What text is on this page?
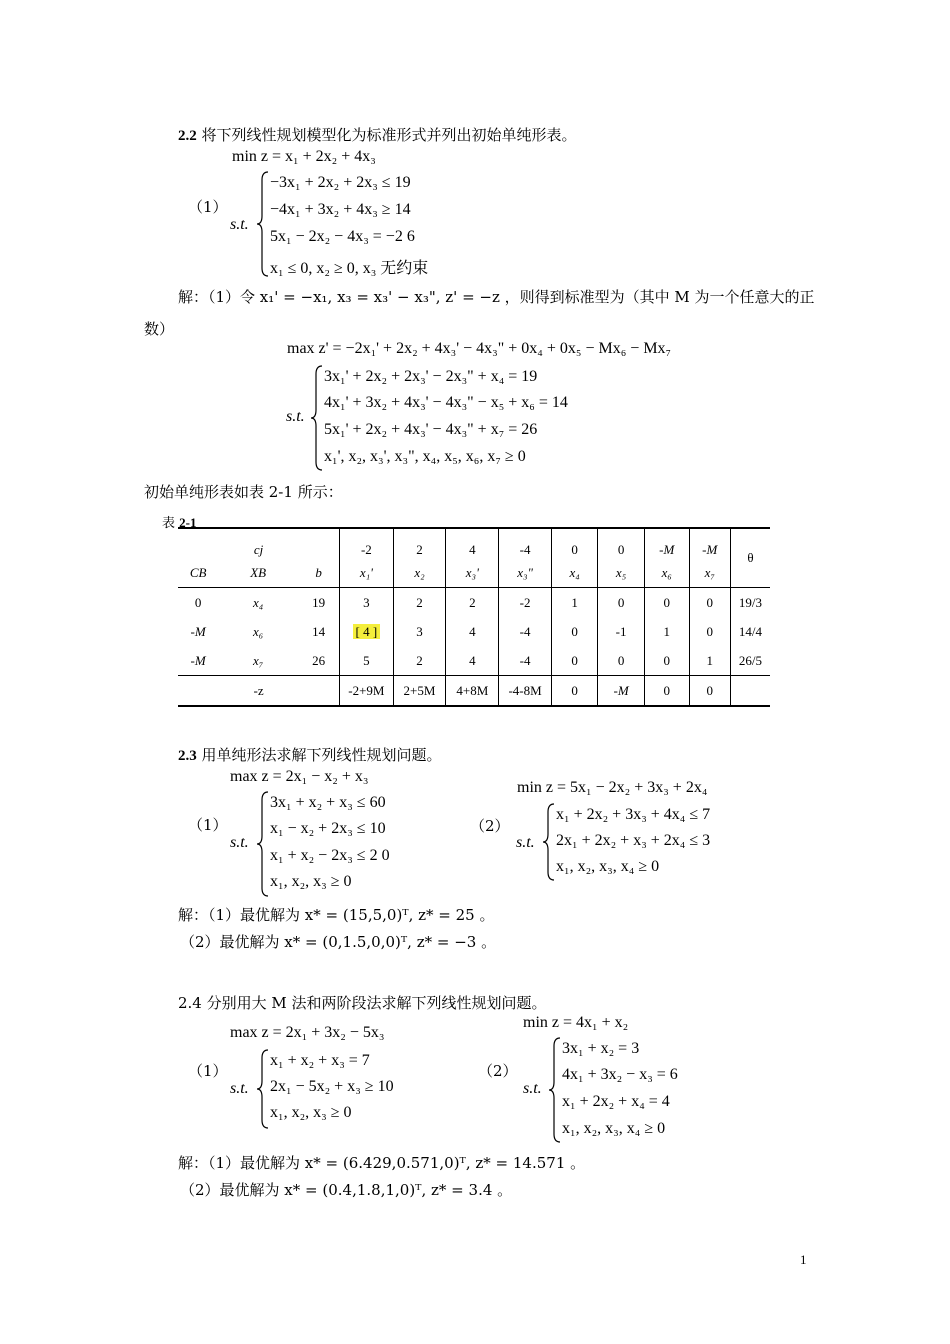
2.2 将下列线性规划模型化为标准形式并列出初始单纯形表。
min z = x₁ + 2x₂ + 4x₃
（1）
s.t.
−3x₁ + 2x₂ + 2x₃ ≤ 19
−4x₁ + 3x₂ + 4x₃ ≥ 14
5x₁ − 2x₂ − 4x₃ = −2 6
x₁ ≤ 0, x₂ ≥ 0, x₃ 无约束
解：（1）令 x₁' = −x₁, x₃ = x₃' − x₃", z' = −z ，则得到标准型为（其中 M 为一个任意大的正
数）
max z' = −2x₁' + 2x₂ + 4x₃' − 4x₃" + 0x₄ + 0x₅ − Mx₆ − Mx₇
s.t.
3x₁' + 2x₂ + 2x₃' − 2x₃" + x₄ = 19
4x₁' + 3x₂ + 4x₃' − 4x₃" − x₅ + x₆ = 14
5x₁' + 2x₂ + 4x₃' − 4x₃" + x₇ = 26
x₁', x₂, x₃', x₃", x₄, x₅, x₆, x₇ ≥ 0
初始单纯形表如表 2-1 所示：
表 2-1
cj			-2	2	4	-4	0	0	-M	-M	θ
CB	XB	b	x₁'	x₂	x₃'	x₃"	x₄	x₅	x₆	x₇	
0	x₄	19	3	2	2	-2	1	0	0	0	19/3
-M	x₆	14	[ 4 ]	3	4	-4	0	-1	1	0	14/4
-M	x₇	26	5	2	4	-4	0	0	0	1	26/5
-z			-2+9M	2+5M	4+8M	-4-8M	0	-M	0	0	
2.3 用单纯形法求解下列线性规划问题。
max z = 2x₁ − x₂ + x₃
（1）
s.t.
3x₁ + x₂ + x₃ ≤ 60
x₁ − x₂ + 2x₃ ≤ 10
x₁ + x₂ − 2x₃ ≤ 2 0
x₁, x₂, x₃ ≥ 0
min z = 5x₁ − 2x₂ + 3x₃ + 2x₄
（2）
s.t.
x₁ + 2x₂ + 3x₃ + 4x₄ ≤ 7
2x₁ + 2x₂ + x₃ + 2x₄ ≤ 3
x₁, x₂, x₃, x₄ ≥ 0
解：（1）最优解为 x* = (15,5,0)ᵀ, z* = 25 。
（2）最优解为 x* = (0,1.5,0,0)ᵀ, z* = −3 。
2.4 分别用大 M 法和两阶段法求解下列线性规划问题。
max z = 2x₁ + 3x₂ − 5x₃
（1）
s.t.
x₁ + x₂ + x₃ = 7
2x₁ − 5x₂ + x₃ ≥ 10
x₁, x₂, x₃ ≥ 0
min z = 4x₁ + x₂
（2）
s.t.
3x₁ + x₂ = 3
4x₁ + 3x₂ − x₃ = 6
x₁ + 2x₂ + x₄ = 4
x₁, x₂, x₃, x₄ ≥ 0
解：（1）最优解为 x* = (6.429,0.571,0)ᵀ, z* = 14.571 。
（2）最优解为 x* = (0.4,1.8,1,0)ᵀ, z* = 3.4 。
1
